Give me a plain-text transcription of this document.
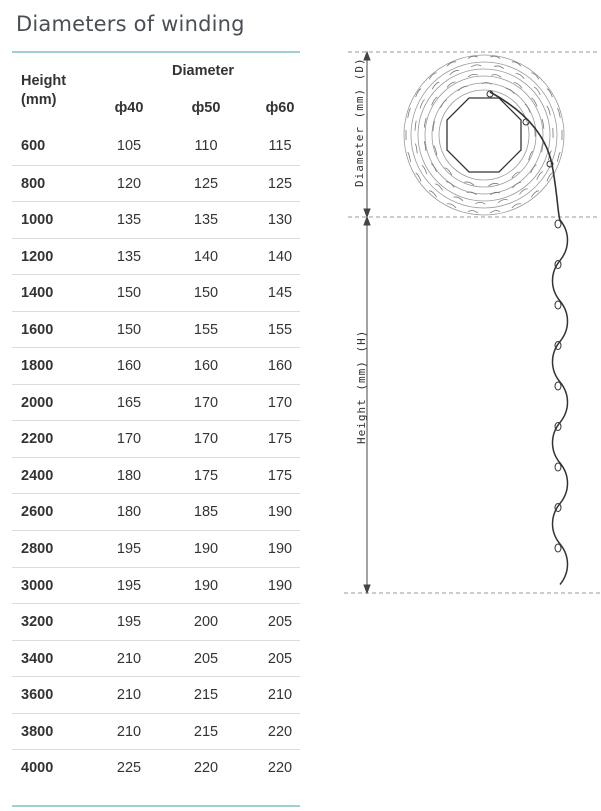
Diameters of winding
Height
(mm)
Diameter
ф40	ф50	ф60
600	105	110	115
800	120	125	125
1000	135	135	130
1200	135	140	140
1400	150	150	145
1600	150	155	155
1800	160	160	160
2000	165	170	170
2200	170	170	175
2400	180	175	175
2600	180	185	190
2800	195	190	190
3000	195	190	190
3200	195	200	205
3400	210	205	205
3600	210	215	210
3800	210	215	220
4000	225	220	220
Diameter (mm) (D)
Height (mm) (H)
